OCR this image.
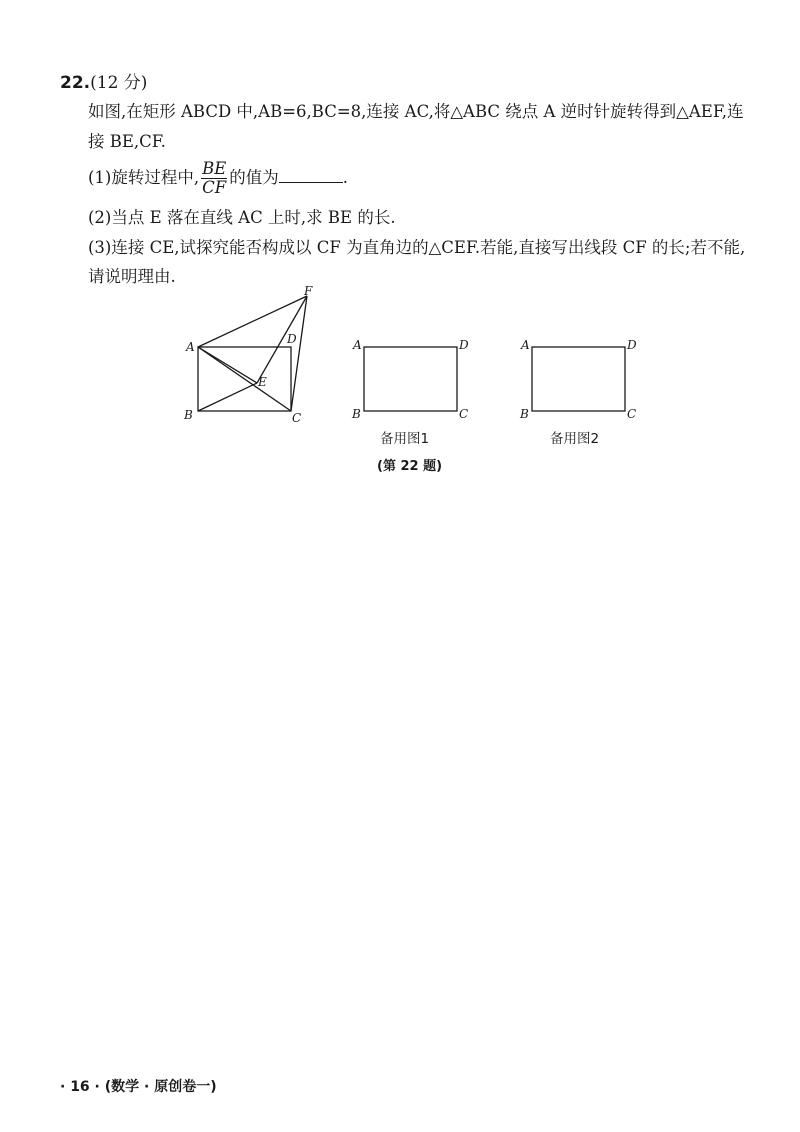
22.(12 分)
如图,在矩形 ABCD 中,AB=6,BC=8,连接 AC,将△ABC 绕点 A 逆时针旋转得到△AEF,连
接 BE,CF.
(1)旋转过程中, $\frac{BE}{CF}$ 的值为	.
(2)当点 E 落在直线 AC 上时,求 BE 的长.
(3)连接 CE,试探究能否构成以 CF 为直角边的△CEF.若能,直接写出线段 CF 的长;若不能,
请说明理由.
A
B	C
D
E
F
A
B	C
D	A
B	C
D
备用图1	备用图2
(第 22 题)
· 16 · (数学 · 原创卷一)
